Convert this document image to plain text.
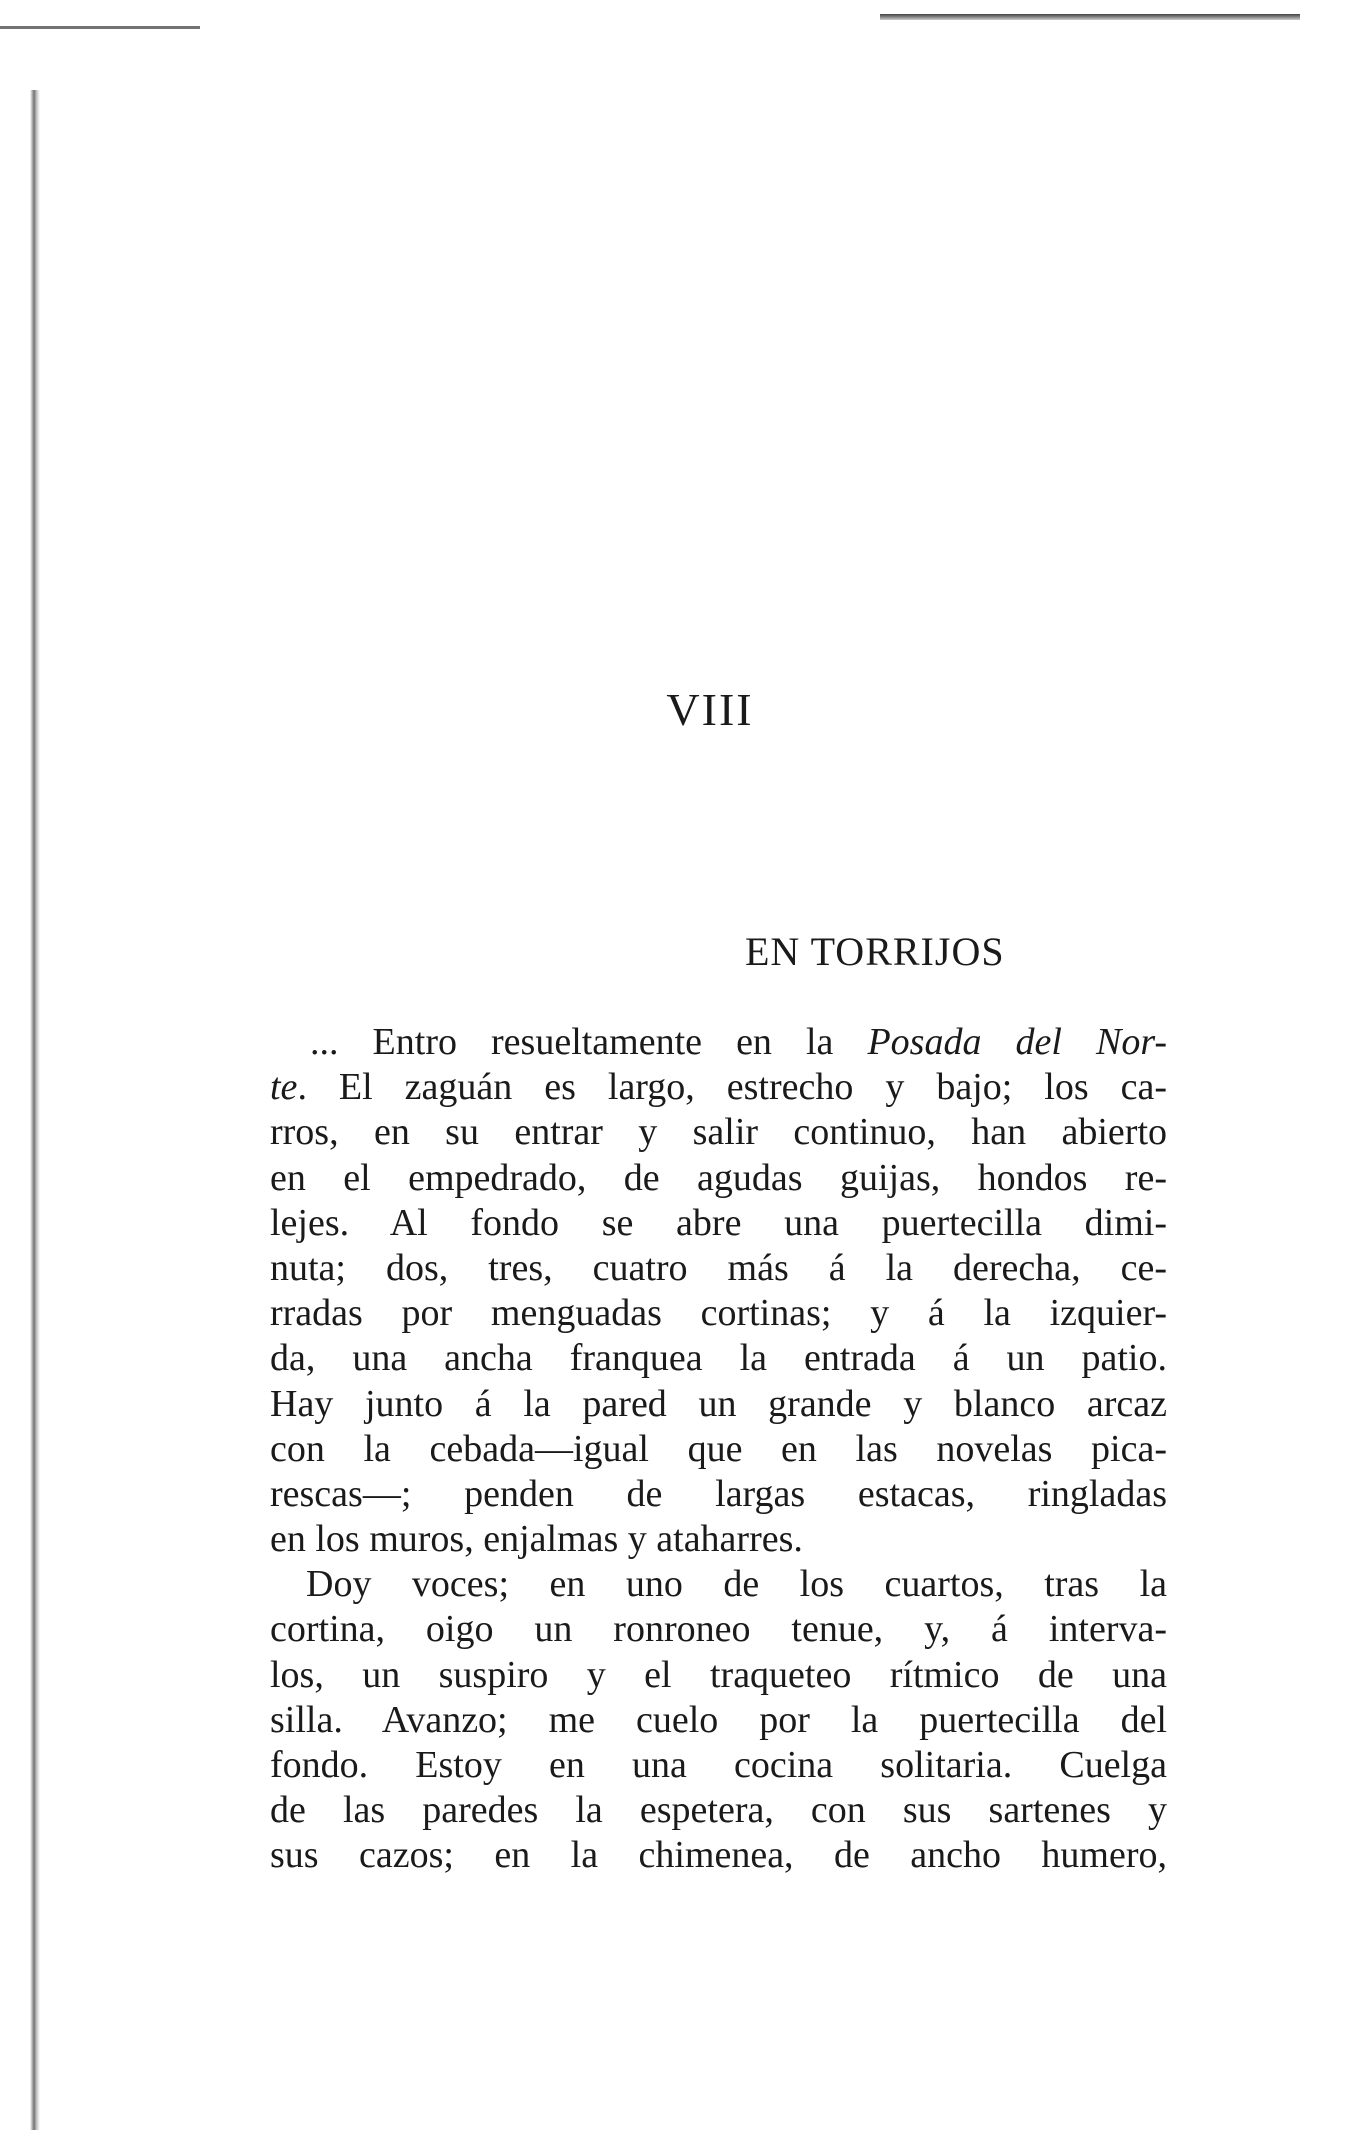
VIII
EN TORRIJOS
... Entro resueltamente en la Posada del Nor-
te. El zaguán es largo, estrecho y bajo; los ca-
rros, en su entrar y salir continuo, han abierto
en el empedrado, de agudas guijas, hondos re-
lejes. Al fondo se abre una puertecilla dimi-
nuta; dos, tres, cuatro más á la derecha, ce-
rradas por menguadas cortinas; y á la izquier-
da, una ancha franquea la entrada á un patio.
Hay junto á la pared un grande y blanco arcaz
con la cebada—igual que en las novelas pica-
rescas—; penden de largas estacas, ringladas
en los muros, enjalmas y ataharres.
Doy voces; en uno de los cuartos, tras la
cortina, oigo un ronroneo tenue, y, á interva-
los, un suspiro y el traqueteo rítmico de una
silla. Avanzo; me cuelo por la puertecilla del
fondo. Estoy en una cocina solitaria. Cuelga
de las paredes la espetera, con sus sartenes y
sus cazos; en la chimenea, de ancho humero,
